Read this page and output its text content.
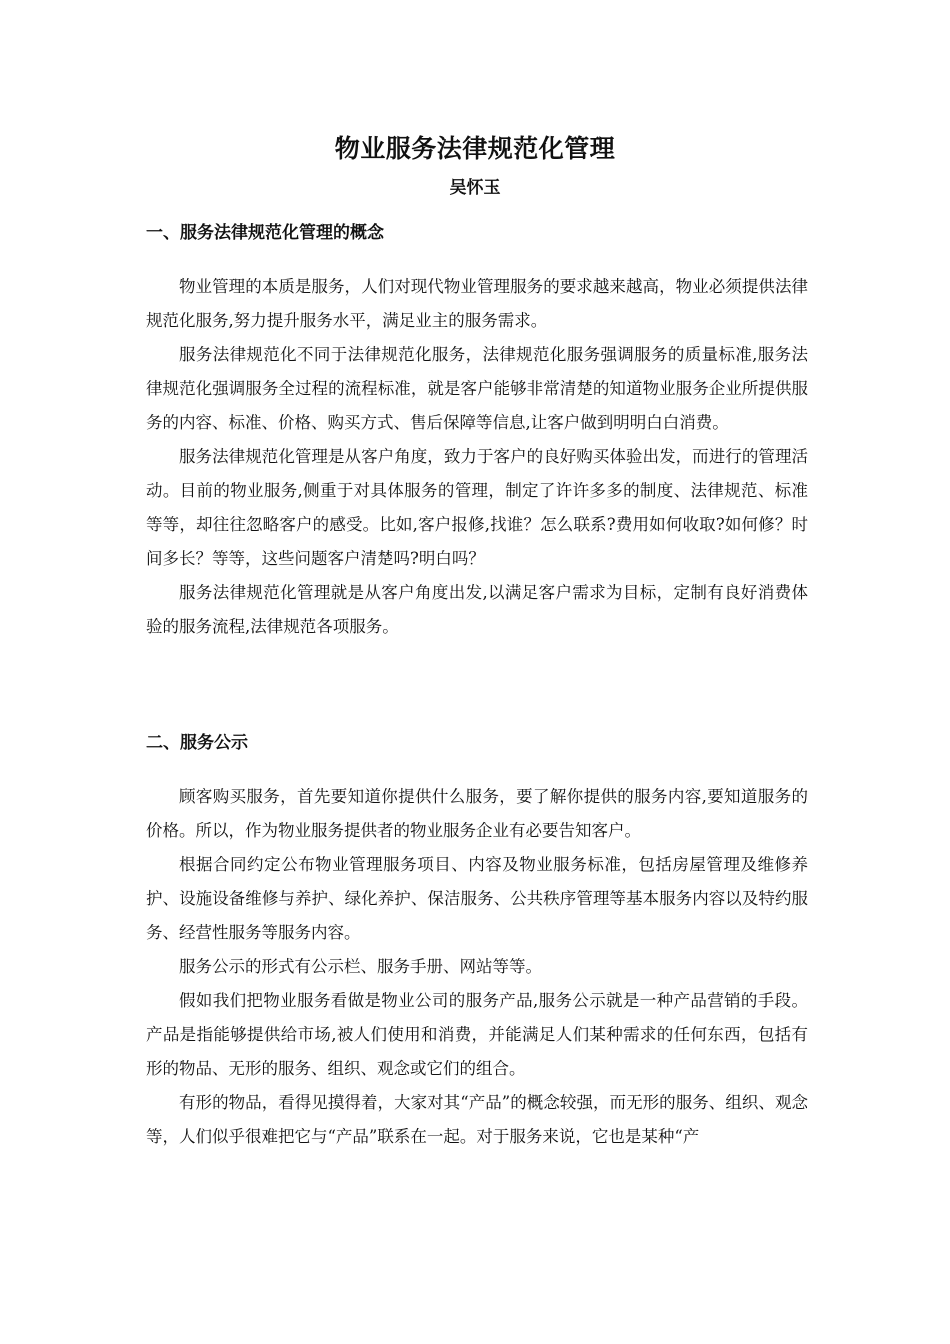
物业服务法律规范化管理
吴怀玉
一、服务法律规范化管理的概念

物业管理的本质是服务，人们对现代物业管理服务的要求越来越高，物业必须提供法律规范化服务,努力提升服务水平，满足业主的服务需求。

服务法律规范化不同于法律规范化服务，法律规范化服务强调服务的质量标准,服务法律规范化强调服务全过程的流程标准，就是客户能够非常清楚的知道物业服务企业所提供服务的内容、标准、价格、购买方式、售后保障等信息,让客户做到明明白白消费。

服务法律规范化管理是从客户角度，致力于客户的良好购买体验出发，而进行的管理活动。目前的物业服务,侧重于对具体服务的管理，制定了许许多多的制度、法律规范、标准等等，却往往忽略客户的感受。比如,客户报修,找谁？怎么联系?费用如何收取?如何修？时间多长？等等，这些问题客户清楚吗?明白吗？

服务法律规范化管理就是从客户角度出发,以满足客户需求为目标，定制有良好消费体验的服务流程,法律规范各项服务。

二、服务公示

顾客购买服务，首先要知道你提供什么服务，要了解你提供的服务内容,要知道服务的价格。所以，作为物业服务提供者的物业服务企业有必要告知客户。

根据合同约定公布物业管理服务项目、内容及物业服务标准，包括房屋管理及维修养护、设施设备维修与养护、绿化养护、保洁服务、公共秩序管理等基本服务内容以及特约服务、经营性服务等服务内容。

服务公示的形式有公示栏、服务手册、网站等等。

假如我们把物业服务看做是物业公司的服务产品,服务公示就是一种产品营销的手段。产品是指能够提供给市场,被人们使用和消费，并能满足人们某种需求的任何东西，包括有形的物品、无形的服务、组织、观念或它们的组合。

有形的物品，看得见摸得着，大家对其“产品”的概念较强，而无形的服务、组织、观念等，人们似乎很难把它与“产品”联系在一起。对于服务来说，它也是某种“产
